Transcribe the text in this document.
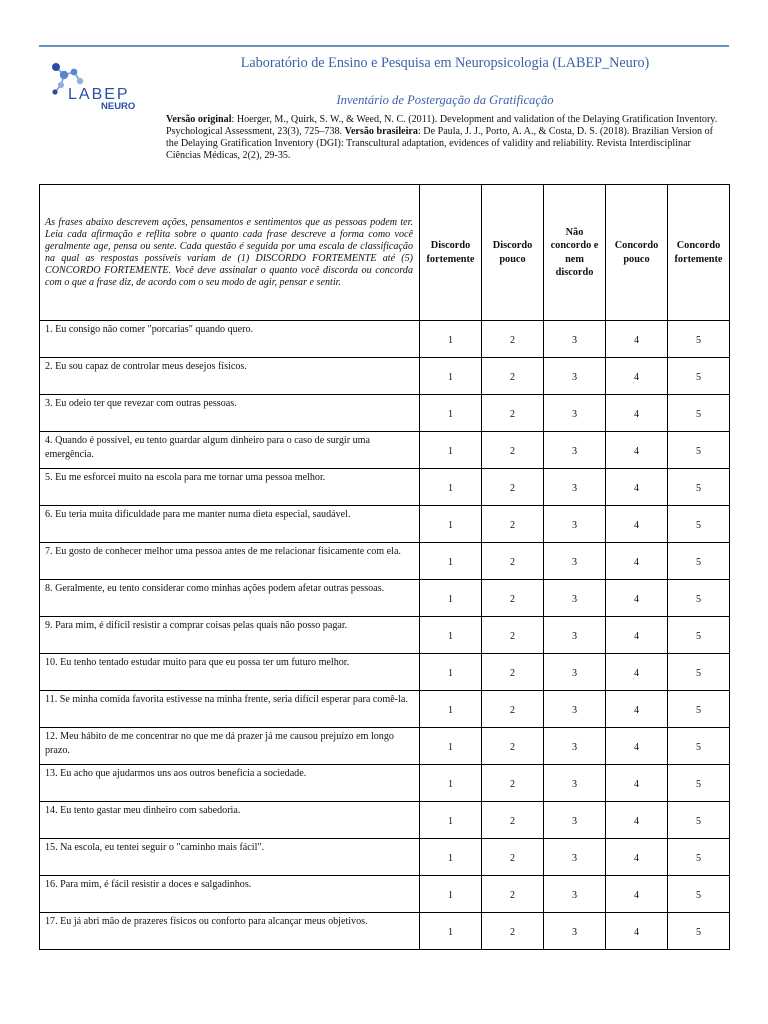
LABEP
NEURO
Laboratório de Ensino e Pesquisa em Neuropsicologia (LABEP_Neuro)
Inventário de Postergação da Gratificação
Versão original: Hoerger, M., Quirk, S. W., & Weed, N. C. (2011). Development and validation of the Delaying Gratification Inventory. Psychological Assessment, 23(3), 725–738. Versão brasileira: De Paula, J. J., Porto, A. A., & Costa, D. S. (2018). Brazilian Version of the Delaying Gratification Inventory (DGI): Transcultural adaptation, evidences of validity and reliability. Revista Interdisciplinar Ciências Médicas, 2(2), 29-35.
As frases abaixo descrevem ações, pensamentos e sentimentos que as pessoas podem ter. Leia cada afirmação e reflita sobre o quanto cada frase descreve a forma como você geralmente age, pensa ou sente. Cada questão é seguida por uma escala de classificação na qual as respostas possíveis variam de (1) DISCORDO FORTEMENTE até (5) CONCORDO FORTEMENTE. Você deve assinalar o quanto você discorda ou concorda com o que a frase diz, de acordo com o seu modo de agir, pensar e sentir.	Discordo fortemente	Discordo pouco	Não concordo e nem discordo	Concordo pouco	Concordo fortemente
1. Eu consigo não comer "porcarias" quando quero.	1	2	3	4	5
2. Eu sou capaz de controlar meus desejos físicos.	1	2	3	4	5
3. Eu odeio ter que revezar com outras pessoas.	1	2	3	4	5
4. Quando é possível, eu tento guardar algum dinheiro para o caso de surgir uma emergência.	1	2	3	4	5
5. Eu me esforcei muito na escola para me tornar uma pessoa melhor.	1	2	3	4	5
6. Eu teria muita dificuldade para me manter numa dieta especial, saudável.	1	2	3	4	5
7. Eu gosto de conhecer melhor uma pessoa antes de me relacionar fisicamente com ela.	1	2	3	4	5
8. Geralmente, eu tento considerar como minhas ações podem afetar outras pessoas.	1	2	3	4	5
9. Para mim, é difícil resistir a comprar coisas pelas quais não posso pagar.	1	2	3	4	5
10. Eu tenho tentado estudar muito para que eu possa ter um futuro melhor.	1	2	3	4	5
11. Se minha comida favorita estivesse na minha frente, seria difícil esperar para comê-la.	1	2	3	4	5
12. Meu hábito de me concentrar no que me dá prazer já me causou prejuízo em longo prazo.	1	2	3	4	5
13. Eu acho que ajudarmos uns aos outros beneficia a sociedade.	1	2	3	4	5
14. Eu tento gastar meu dinheiro com sabedoria.	1	2	3	4	5
15. Na escola, eu tentei seguir o "caminho mais fácil".	1	2	3	4	5
16. Para mim, é fácil resistir a doces e salgadinhos.	1	2	3	4	5
17. Eu já abri mão de prazeres físicos ou conforto para alcançar meus objetivos.	1	2	3	4	5
